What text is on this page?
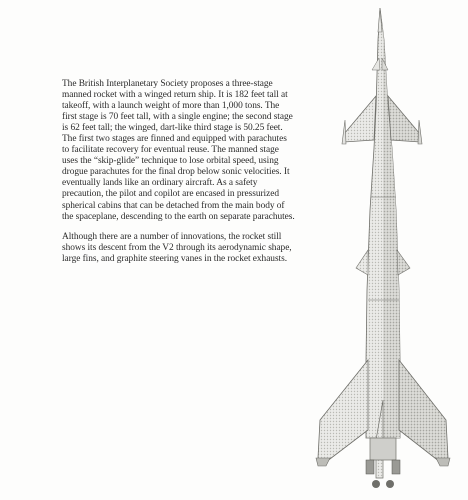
The British Interplanetary Society proposes a three-stage manned rocket with a winged return ship. It is 182 feet tall at takeoff, with a launch weight of more than 1,000 tons. The first stage is 70 feet tall, with a single engine; the second stage is 62 feet tall; the winged, dart-like third stage is 50.25 feet. The first two stages are finned and equipped with parachutes to facilitate recovery for eventual reuse. The manned stage uses the “skip-glide” technique to lose orbital speed, using drogue parachutes for the final drop below sonic velocities. It eventually lands like an ordinary aircraft. As a safety precaution, the pilot and copilot are encased in pressurized spherical cabins that can be detached from the main body of the spaceplane, descending to the earth on separate parachutes.

Although there are a number of innovations, the rocket still shows its descent from the V2 through its aerodynamic shape, large fins, and graphite steering vanes in the rocket exhausts.
